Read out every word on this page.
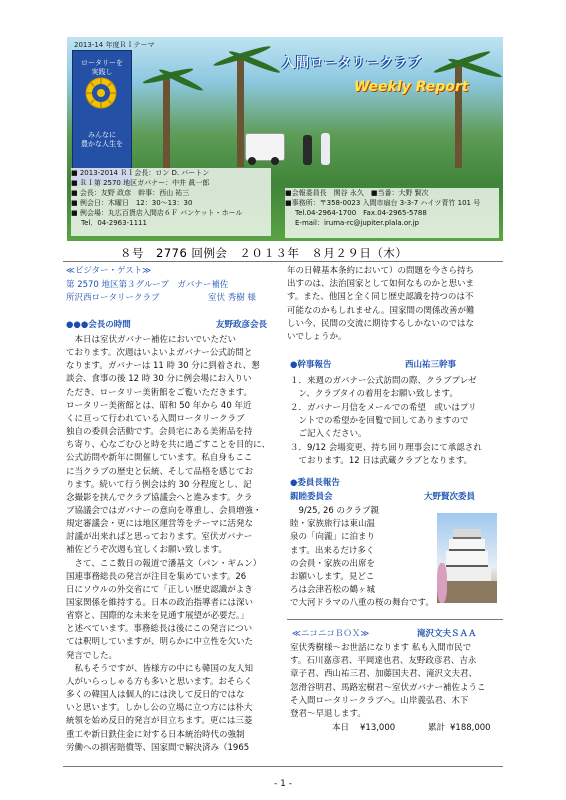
2013-14 年度ＲＩテーマ
ロータリーを
実践し
みんなに
豊かな人生を
入間ロータリークラブ
Weekly Report
■ 2013-2014 ＲＩ会長：ロン D. バートン
■ ＲＩ第 2570 地区ガバナー：中井 眞一郎
■ 会長：友野 政彦　幹事：西山 祐三
■ 例会日：木曜日　12：30～13：30
■ 例会場：丸広百貨店入間店６Ｆ バンケット・ホール
Tel．04-2963-1111
■会報委員長　関谷 永久　■当番：大野 賢次
■事務所：〒358-0023 入間市扇台 3-3-7 ハイツ青竹 101 号
Tel.04-2964-1700　Fax.04-2965-5788
E-mail：iruma-rc@jupiter.plala.or.jp
８号　2776 回例会　２０１３年　８月２９日（木）
≪ビジター・ゲスト≫
第 2570 地区第３グループ　ガバナー補佐
所沢西ロータリークラブ	室伏 秀樹 様
●●●会長の時間	友野政彦会長
　本日は室伏ガバナー補佐においでいただい
ております。次週はいよいよガバナー公式訪問と
なります。ガバナーは 11 時 30 分に到着され、懇
談会、食事の後 12 時 30 分に例会場にお入りい
ただき、ロータリー美術館をご覧いただきます。
ロータリー美術館とは、昭和 50 年から 40 年近
くに亘って行われている入間ロータリークラブ
独自の委員会活動です。会員宅にある美術品を持
ち寄り、心なごむひと時を共に過ごすことを目的に、
公式訪問や新年に開催しています。私自身もここ
に当クラブの歴史と伝統、そして品格を感じてお
ります。続いて行う例会は約 30 分程度とし、記
念撮影を挟んでクラブ協議会へと進みます。クラ
ブ協議会ではガバナーの意向を尊重し、会員増強・
規定審議会・更には地区運営等をテーマに活発な
討議が出来ればと思っております。室伏ガバナー
補佐どうぞ次週も宜しくお願い致します。
　さて、ここ数日の報道で潘基文（パン・ギムン）
国連事務総長の発言が注目を集めています。26
日にソウルの外交省にて「正しい歴史認識がよき
国家関係を維持する。日本の政治指導者には深い
省察と、国際的な未来を見通す展望が必要だ。」
と述べています。事務総長は後にこの発言につい
ては釈明していますが、明らかに中立性を欠いた
発言でした。
　私もそうですが、皆様方の中にも韓国の友人知
人がいらっしゃる方も多いと思います。おそらく
多くの韓国人は個人的には決して反日的ではな
いと思います。しかし公の立場に立つ方には朴大
統領を始め反日的発言が目立ちます。更には三菱
重工や新日鉄住金に対する日本統治時代の強制
労働への損害賠償等、国家間で解決済み（1965
年の日韓基本条約において）の問題を今さら持ち
出すのは、法治国家として如何なものかと思いま
す。また、他国と全く同じ歴史認識を持つのは不
可能なのかもしれません。国家間の関係改善が難
しい今、民間の交流に期待するしかないのではな
いでしょうか。
●幹事報告	西山祐三幹事
１．来週のガバナー公式訪問の際、クラブプレゼ
　ン、クラブタイの着用をお願い致します。
２．ガバナー月信をメールでの希望　或いはプリ
　ントでの希望かを回覧で回してありますので
　ご記入ください。
３．9/12 会場変更、持ち回り理事会にて承認され
　ております。12 日は武蔵クラブとなります。
●委員長報告
親睦委員会	大野賢次委員
　9/25, 26 のクラブ親
睦・家族旅行は東山温
泉の「向瀧」に泊まり
ます。出来るだけ多く
の会員・家族の出席を
お願いします。見どこ
ろは会津若松の鶴ヶ城
で大河ドラマの八重の桜の舞台です。
≪ニコニコＢＯＸ≫	滝沢文夫ＳＡＡ
室伏秀樹様～お世話になります 私も入間市民で
す。石川嘉彦君、平岡達也君、友野政彦君、吉永
章子君、西山祐三君、加藤国夫君、滝沢文夫君、
忽滑谷明君、馬路宏樹君～室伏ガバナー補佐ようこ
そ入間ロータリークラブへ。山岸義弘君、木下
登君～早退します。
本日 ¥13,000	累計 ¥188,000
- 1 -
